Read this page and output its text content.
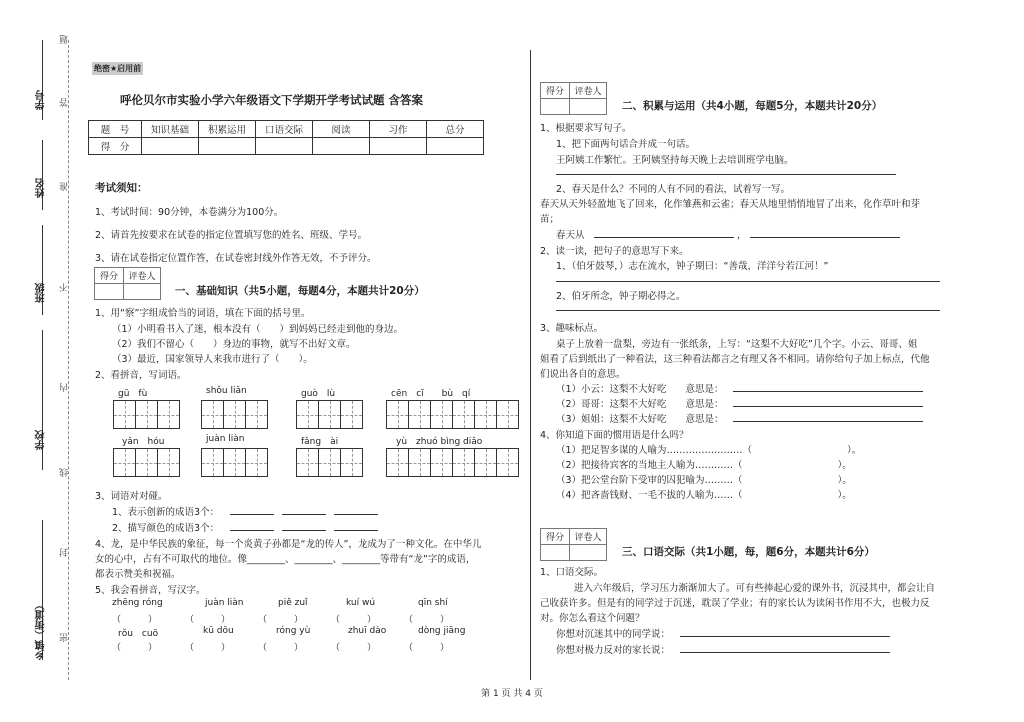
学号
姓名
班级
学校
乡镇（街道）
题
答
准
不
内
线
封
密
绝密★启用前
呼伦贝尔市实验小学六年级语文下学期开学考试试题 含答案
题　号	知识基础	积累运用	口语交际	阅读	习作	总分
得　分						
考试须知：
1、考试时间：90分钟，本卷满分为100分。
2、请首先按要求在试卷的指定位置填写您的姓名、班级、学号。
3、请在试卷指定位置作答，在试卷密封线外作答无效，不予评分。
得分	评卷人

一、基础知识（共5小题，每题4分，本题共计20分）
1、用“察”字组成恰当的词语，填在下面的括号里。
（1）小明看书入了迷，根本没有（　　）到妈妈已经走到他的身边。
（2）我们不留心（　　）身边的事物，就写不出好文章。
（3）最近，国家领导人来我市进行了（　　）。
2、看拼音，写词语。
gū　fù	shǒu liǎn	guò　lù	cēn　cī　　bù　qí
yǎn　hóu	juàn liàn	fǎng　ài	yù　zhuó bìng diǎo
3、词语对对碰。
1、表示创新的成语3个：
2、描写颜色的成语3个：
4、龙，是中华民族的象征，每一个炎黄子孙都是“龙的传人”，龙成为了一种文化。在中华儿
女的心中，占有不可取代的地位。像________、________、________等带有“龙”字的成语，
都表示赞美和祝福。
5、我会看拼音，写汉字。
zhēng róng	juàn liàn	piě zuǐ	kuí wú	qīn shí
（　　　）	（　　　）	（　　　）	（　　　）	（　　　）
rǒu　cuō	kū dōu	róng yù	zhuī dào	dòng jiāng
（　　　）	（　　　）	（　　　）	（　　　）	（　　　）
得分	评卷人

二、积累与运用（共4小题，每题5分，本题共计20分）
1、根据要求写句子。
1、把下面两句话合并成一句话。
王阿姨工作繁忙。王阿姨坚持每天晚上去培训班学电脑。
2、春天是什么？不同的人有不同的看法，试着写一写。
春天从天外轻盈地飞了回来，化作雏燕和云雀；春天从地里悄悄地冒了出来，化作草叶和芽
苗；
春天从	，
2、读一读，把句子的意思写下来。
1、（伯牙鼓琴，）志在流水，钟子期曰：“善哉，洋洋兮若江河！”
2、伯牙所念，钟子期必得之。
3、趣味标点。
桌子上放着一盘梨，旁边有一张纸条，上写：“这梨不大好吃”几个字。小云、哥哥、姐
姐看了后到纸出了一种看法，这三种看法都言之有理又各不相同。请你给句子加上标点，代他
们说出各自的意思。
（1）小云：这梨不大好吃　　意思是：
（2）哥哥：这梨不大好吃　　意思是：
（3）姐姐：这梨不大好吃　　意思是：
4、你知道下面的惯用语是什么吗？
（1）把足智多谋的人喻为……………………（　　　　　　　　　　）。
（2）把接待宾客的当地主人喻为…………（　　　　　　　　　　）。
（3）把公堂台阶下受审的囚犯喻为………（　　　　　　　　　　）。
（4）把吝啬钱财、一毛不拔的人喻为……（　　　　　　　　　　）。
得分	评卷人

三、口语交际（共1小题，每，题6分，本题共计6分）
1、口语交际。
进入六年级后，学习压力渐渐加大了。可有些捧起心爱的课外书，沉浸其中，都会让自
己收获许多。但是有的同学过于沉迷，耽误了学业；有的家长认为读闲书作用不大，也极力反
对。你怎么看这个问题？
你想对沉迷其中的同学说：
你想对极力反对的家长说：
第 1 页 共 4 页
